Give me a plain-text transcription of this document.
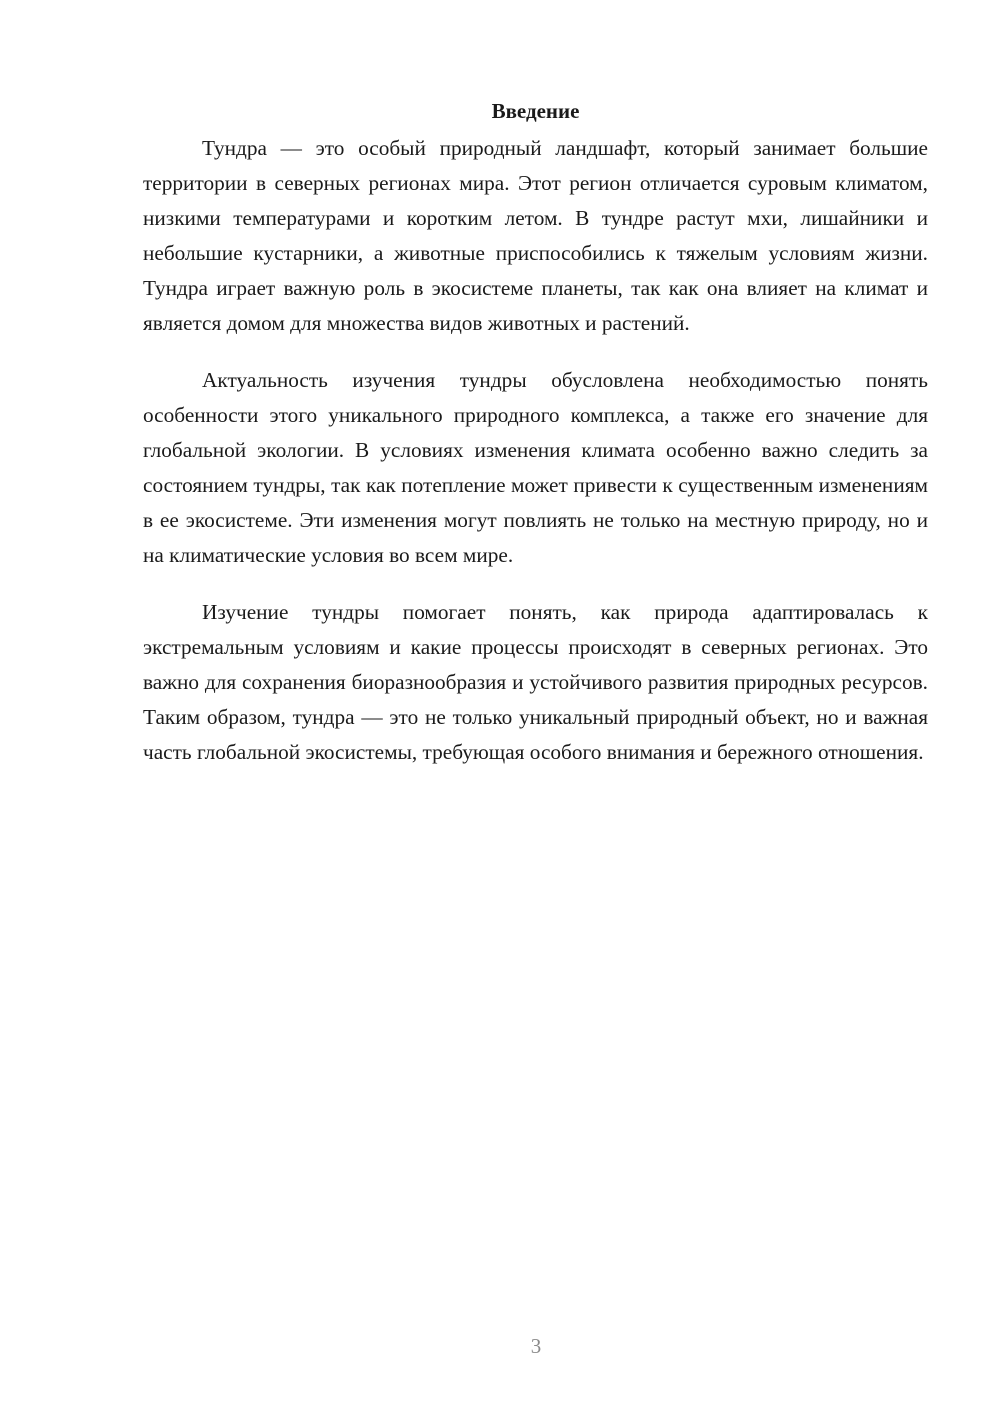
Введение

Тундра — это особый природный ландшафт, который занимает большие территории в северных регионах мира. Этот регион отличается суровым климатом, низкими температурами и коротким летом. В тундре растут мхи, лишайники и небольшие кустарники, а животные приспособились к тяжелым условиям жизни. Тундра играет важную роль в экосистеме планеты, так как она влияет на климат и является домом для множества видов животных и растений.

Актуальность изучения тундры обусловлена необходимостью понять особенности этого уникального природного комплекса, а также его значение для глобальной экологии. В условиях изменения климата особенно важно следить за состоянием тундры, так как потепление может привести к существенным изменениям в ее экосистеме. Эти изменения могут повлиять не только на местную природу, но и на климатические условия во всем мире.

Изучение тундры помогает понять, как природа адаптировалась к экстремальным условиям и какие процессы происходят в северных регионах. Это важно для сохранения биоразнообразия и устойчивого развития природных ресурсов. Таким образом, тундра — это не только уникальный природный объект, но и важная часть глобальной экосистемы, требующая особого внимания и бережного отношения.

3
